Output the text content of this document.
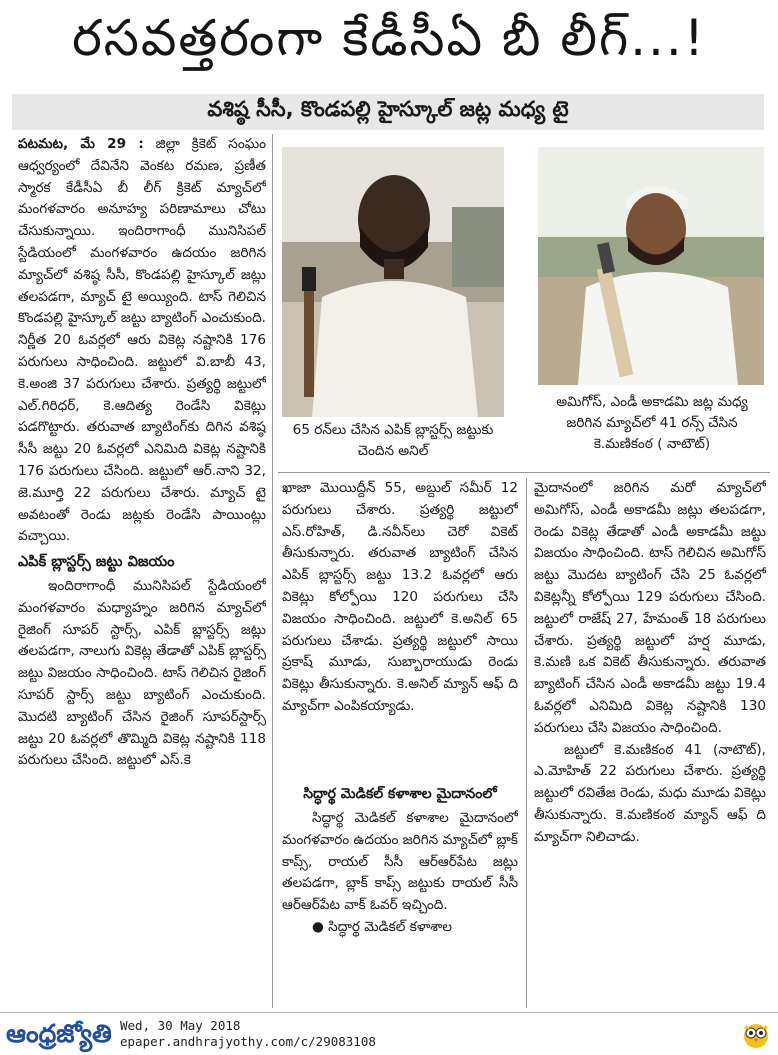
రసవత్తరంగా కేడీసీఏ బీ లీగ్‌...!
వశిష్ఠ సీసీ, కొండపల్లి హైస్కూల్‌ జట్ల మధ్య టై

పటమట, మే 29 : జిల్లా క్రికెట్‌ సంఘం ఆధ్వర్యంలో దేవినేని వెంకట రమణ, ప్రణీత స్మారక కేడీసీఏ బీ లీగ్‌ క్రికెట్‌ మ్యాచ్‌లో మంగళవారం అనూహ్య పరిణామాలు చోటు చేసుకున్నాయి. ఇందిరాగాంధీ మునిసిపల్‌ స్టేడియంలో మంగళవారం ఉదయం జరిగిన మ్యాచ్‌లో వశిష్ఠ సీసీ, కొండపల్లి హైస్కూల్‌ జట్లు తలపడగా, మ్యాచ్‌ టై అయ్యింది. టాస్‌ గెలిచిన కొండపల్లి హైస్కూల్‌ జట్టు బ్యాటింగ్‌ ఎంచుకుంది. నిర్ణీత 20 ఓవర్లలో ఆరు వికెట్ల నష్టానికి 176 పరుగులు సాధించింది. జట్టులో వి.బాబీ 43, కె.అంజి 37 పరుగులు చేశారు. ప్రత్యర్థి జట్టులో ఎల్‌.గిరిధర్‌, కె.ఆదిత్య రెండేసి వికెట్లు పడగొట్టారు. తరువాత బ్యాటింగ్‌కు దిగిన వశిష్ఠ సీసీ జట్టు 20 ఓవర్లలో ఎనిమిది వికెట్ల నష్టానికి 176 పరుగులు చేసింది. జట్టులో ఆర్‌.నాని 32, జె.మూర్తి 22 పరుగులు చేశారు. మ్యాచ్‌ టై అవటంతో రెండు జట్లకు రెండేసి పాయింట్లు వచ్చాయి.

ఎపిక్‌ బ్లాస్టర్స్‌ జట్టు విజయం

ఇందిరాగాంధీ మునిసిపల్‌ స్టేడియంలో మంగళవారం మధ్యాహ్నం జరిగిన మ్యాచ్‌లో రైజింగ్‌ సూపర్‌ స్టార్స్‌, ఎపిక్‌ బ్లాస్టర్స్‌ జట్లు తలపడగా, నాలుగు వికెట్ల తేడాతో ఎపిక్‌ బ్లాస్టర్స్‌ జట్టు విజయం సాధించింది. టాస్‌ గెలిచిన రైజింగ్‌ సూపర్‌ స్టార్స్‌ జట్టు బ్యాటింగ్‌ ఎంచుకుంది. మొదటి బ్యాటింగ్‌ చేసిన రైజింగ్‌ సూపర్‌స్టార్స్‌ జట్టు 20 ఓవర్లలో తొమ్మిది వికెట్ల నష్టానికి 118 పరుగులు చేసింది. జట్టులో ఎస్‌.కె

65 రన్‌లు చేసిన ఎపిక్‌ బ్లాస్టర్స్‌ జట్టుకు చెందిన అనిల్‌
అమిగోస్‌, ఎండీ అకాడమి జట్ల మధ్య జరిగిన మ్యాచ్‌లో 41 రన్స్‌ చేసిన కె.మణికంఠ ( నాటౌట్‌)

ఖాజా మొయిద్దీన్‌ 55, అబ్దుల్‌ సమీర్‌ 12 పరుగులు చేశారు. ప్రత్యర్థి జట్టులో ఎస్‌.రోహిత్‌, డి.నవీన్‌లు చెరో వికెట్‌ తీసుకున్నారు. తరువాత బ్యాటింగ్‌ చేసిన ఎపిక్‌ బ్లాస్టర్స్‌ జట్టు 13.2 ఓవర్లలో ఆరు వికెట్లు కోల్పోయి 120 పరుగులు చేసి విజయం సాధించింది. జట్టులో కె.అనిల్‌ 65 పరుగులు చేశాడు. ప్రత్యర్థి జట్టులో సాయి ప్రకాష్‌ మూడు, సుబ్బారాయుడు రెండు వికెట్లు తీసుకున్నారు. కె.అనిల్‌ మ్యాన్‌ ఆఫ్‌ ది మ్యాచ్‌గా ఎంపికయ్యాడు.

సిద్ధార్థ మెడికల్‌ కళాశాల మైదానంలో

సిద్ధార్థ మెడికల్‌ కళాశాల మైదానంలో మంగళవారం ఉదయం జరిగిన మ్యాచ్‌లో బ్లాక్‌ కాప్స్‌, రాయల్‌ సీసీ ఆర్‌ఆర్‌పేట జట్లు తలపడగా, బ్లాక్‌ కాప్స్‌ జట్టుకు రాయల్‌ సీసీ ఆర్‌ఆర్‌పేట వాక్‌ ఓవర్‌ ఇచ్చింది.

● సిద్ధార్థ మెడికల్‌ కళాశాల

మైదానంలో జరిగిన మరో మ్యాచ్‌లో అమిగోస్‌, ఎండీ అకాడమీ జట్లు తలపడగా, రెండు వికెట్ల తేడాతో ఎండీ అకాడమీ జట్టు విజయం సాధించింది. టాస్‌ గెలిచిన అమిగోస్‌ జట్టు మొదట బ్యాటింగ్‌ చేసి 25 ఓవర్లలో వికెట్లన్నీ కోల్పోయి 129 పరుగులు చేసింది. జట్టులో రాజేష్‌ 27, హేమంత్‌ 18 పరుగులు చేశారు. ప్రత్యర్థి జట్టులో హర్ష మూడు, కె.మణి ఒక వికెట్‌ తీసుకున్నారు. తరువాత బ్యాటింగ్‌ చేసిన ఎండీ అకాడమీ జట్టు 19.4 ఓవర్లలో ఎనిమిది వికెట్ల నష్టానికి 130 పరుగులు చేసి విజయం సాధించింది.

జట్టులో కె.మణికంఠ 41 (నాటౌట్‌), ఎ.మోహిత్‌ 22 పరుగులు చేశారు. ప్రత్యర్థి జట్టులో రవితేజ రెండు, మధు మూడు వికెట్లు తీసుకున్నారు. కె.మణికంఠ మ్యాన్‌ ఆఫ్‌ ది మ్యాచ్‌గా నిలిచాడు.

ఆంధ్రజ్యోతి Wed, 30 May 2018
epaper.andhrajyothy.com/c/29083108
